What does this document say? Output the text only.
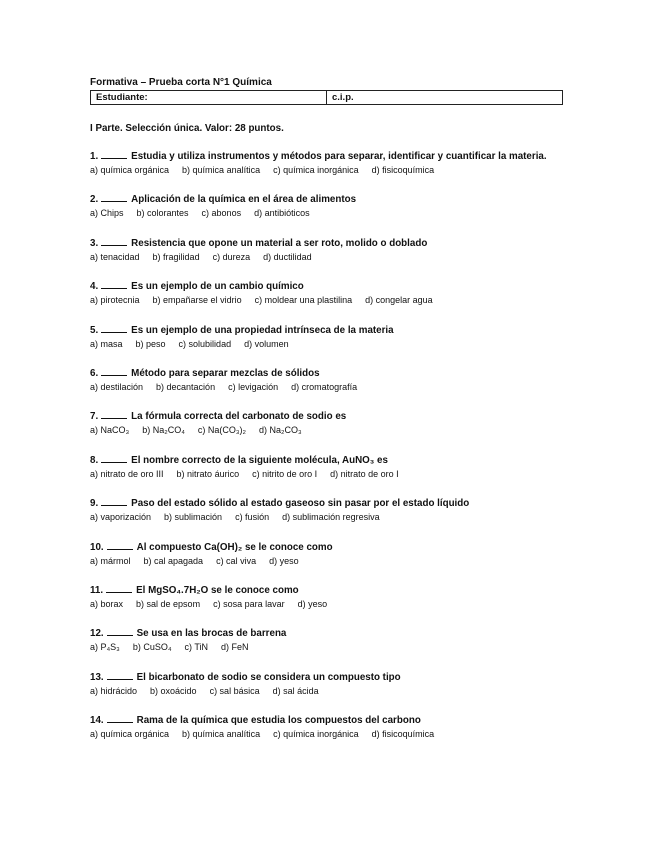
Formativa – Prueba corta N°1 Química
Estudiante:	c.i.p.
I Parte. Selección única. Valor: 28 puntos.
1.	Estudia y utiliza instrumentos y métodos para separar, identificar y cuantificar la materia.
a) química orgánica b) química analítica c) química inorgánica d) fisicoquímica
2.	Aplicación de la química en el área de alimentos
a) Chips b) colorantes c) abonos d) antibióticos
3.	Resistencia que opone un material a ser roto, molido o doblado
a) tenacidad b) fragilidad c) dureza d) ductilidad
4.	Es un ejemplo de un cambio químico
a) pirotecnia b) empañarse el vidrio c) moldear una plastilina d) congelar agua
5.	Es un ejemplo de una propiedad intrínseca de la materia
a) masa b) peso c) solubilidad d) volumen
6.	Método para separar mezclas de sólidos
a) destilación b) decantación c) levigación d) cromatografía
7.	La fórmula correcta del carbonato de sodio es
a) NaCO₃ b) Na₂CO₄ c) Na(CO₃)₂ d) Na₂CO₃
8.	El nombre correcto de la siguiente molécula, AuNO₃ es
a) nitrato de oro III b) nitrato áurico c) nitrito de oro I d) nitrato de oro I
9.	Paso del estado sólido al estado gaseoso sin pasar por el estado líquido
a) vaporización b) sublimación c) fusión d) sublimación regresiva
10.	Al compuesto Ca(OH)₂ se le conoce como
a) mármol b) cal apagada c) cal viva d) yeso
11.	El MgSO₄.7H₂O se le conoce como
a) borax b) sal de epsom c) sosa para lavar d) yeso
12.	Se usa en las brocas de barrena
a) P₄S₃ b) CuSO₄ c) TiN d) FeN
13.	El bicarbonato de sodio se considera un compuesto tipo
a) hidrácido b) oxoácido c) sal básica d) sal ácida
14.	Rama de la química que estudia los compuestos del carbono
a) química orgánica b) química analítica c) química inorgánica d) fisicoquímica
